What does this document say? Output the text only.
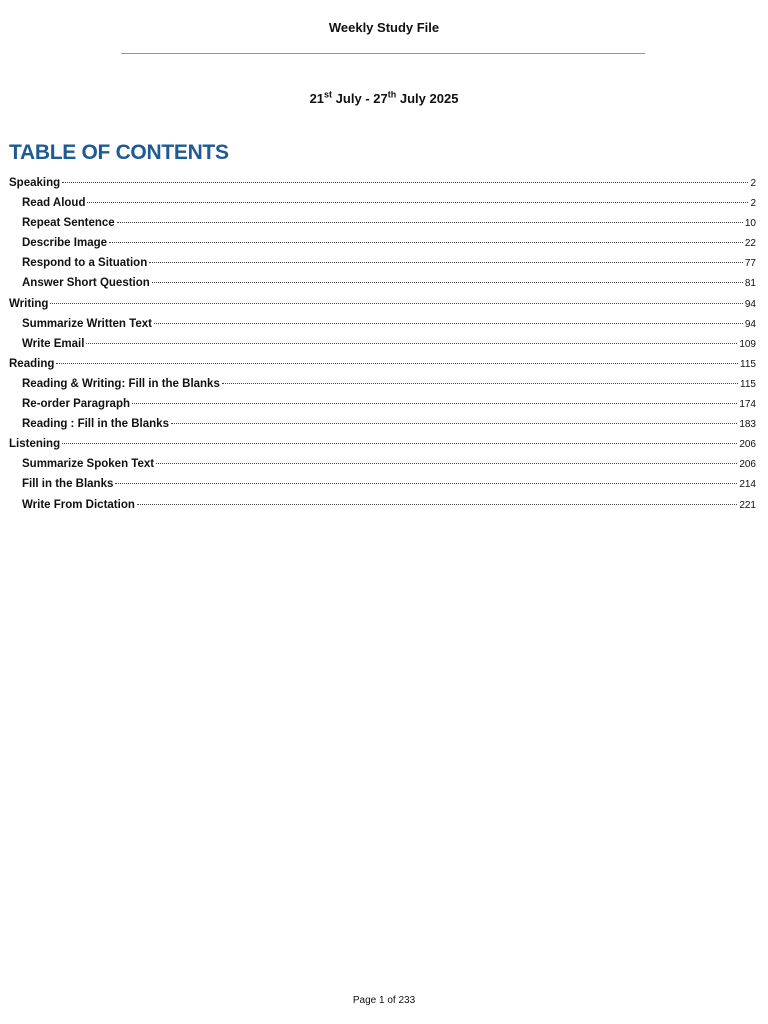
Weekly Study File
21st July - 27th July 2025
TABLE OF CONTENTS
Speaking	2
Read Aloud	2
Repeat Sentence	10
Describe Image	22
Respond to a Situation	77
Answer Short Question	81
Writing	94
Summarize Written Text	94
Write Email	109
Reading	115
Reading & Writing: Fill in the Blanks	115
Re-order Paragraph	174
Reading : Fill in the Blanks	183
Listening	206
Summarize Spoken Text	206
Fill in the Blanks	214
Write From Dictation	221
Page 1 of 233
